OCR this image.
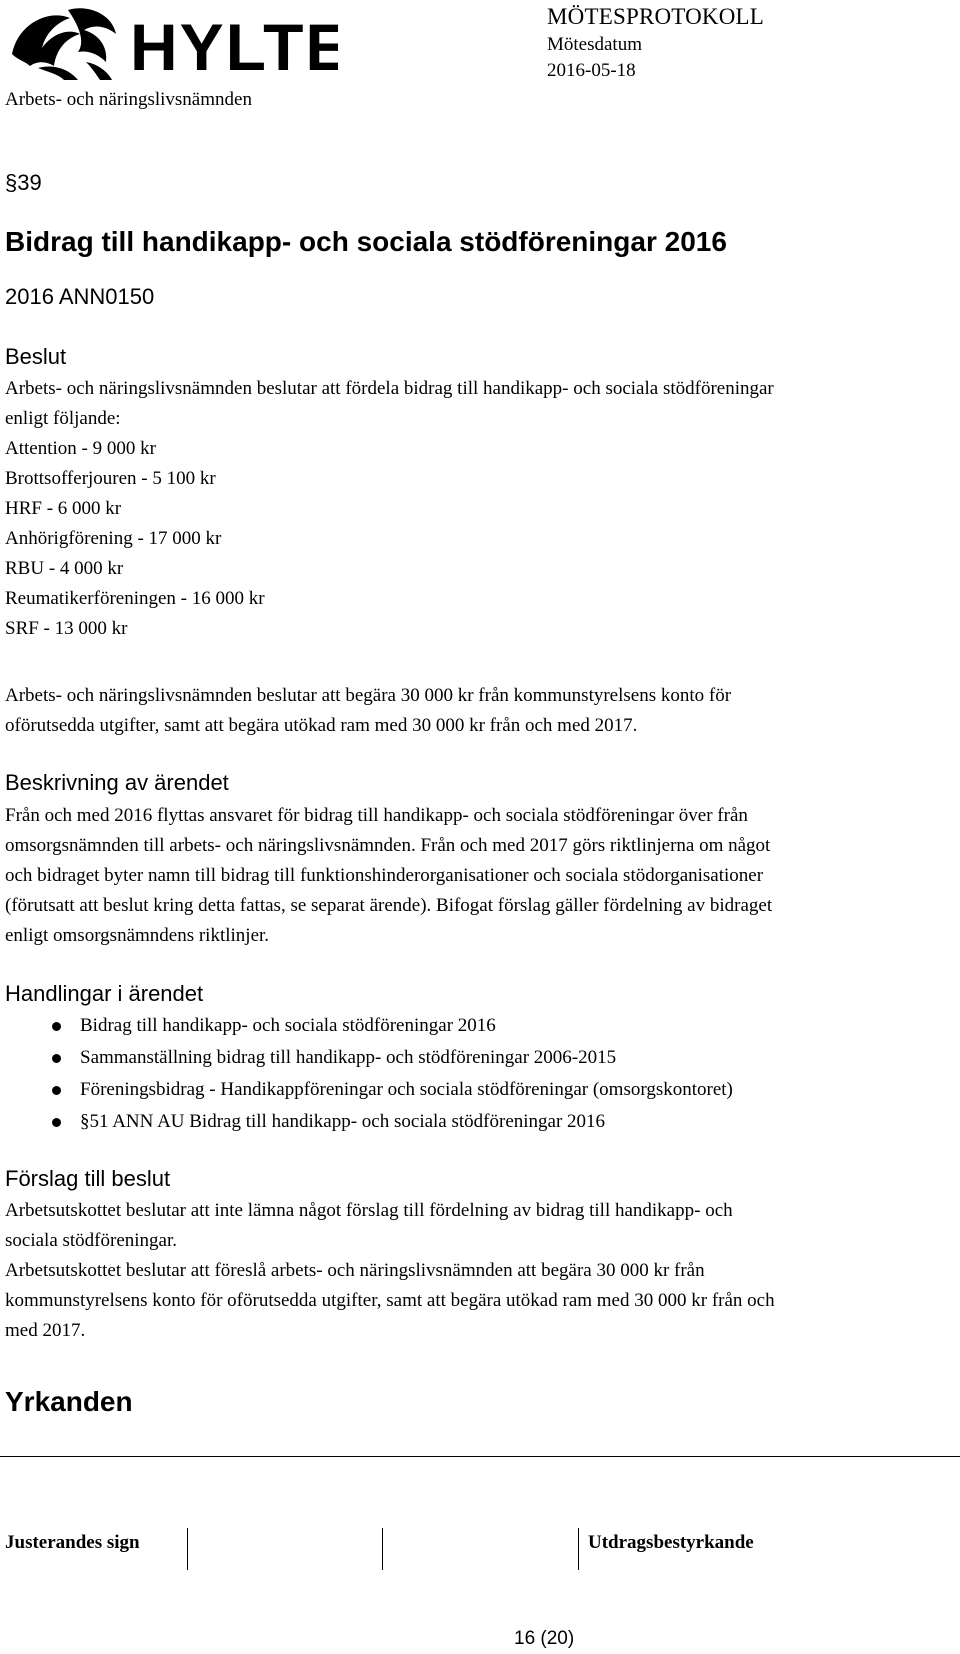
HYLTE
Arbets- och näringslivsnämnden
MÖTESPROTOKOLL
Mötesdatum
2016-05-18
§39
Bidrag till handikapp- och sociala stödföreningar 2016
2016 ANN0150
Beslut

Arbets- och näringslivsnämnden beslutar att fördela bidrag till handikapp- och sociala stödföreningar

enligt följande:

Attention - 9 000 kr

Brottsofferjouren - 5 100 kr

HRF - 6 000 kr

Anhörigförening - 17 000 kr

RBU - 4 000 kr

Reumatikerföreningen - 16 000 kr

SRF - 13 000 kr

Arbets- och näringslivsnämnden beslutar att begära 30 000 kr från kommunstyrelsens konto för

oförutsedda utgifter, samt att begära utökad ram med 30 000 kr från och med 2017.

Beskrivning av ärendet

Från och med 2016 flyttas ansvaret för bidrag till handikapp- och sociala stödföreningar över från

omsorgsnämnden till arbets- och näringslivsnämnden. Från och med 2017 görs riktlinjerna om något

och bidraget byter namn till bidrag till funktionshinderorganisationer och sociala stödorganisationer

(förutsatt att beslut kring detta fattas, se separat ärende). Bifogat förslag gäller fördelning av bidraget

enligt omsorgsnämndens riktlinjer.

Handlingar i ärendet
Bidrag till handikapp- och sociala stödföreningar 2016
Sammanställning bidrag till handikapp- och stödföreningar 2006-2015
Föreningsbidrag - Handikappföreningar och sociala stödföreningar (omsorgskontoret)
§51 ANN AU Bidrag till handikapp- och sociala stödföreningar 2016
Förslag till beslut

Arbetsutskottet beslutar att inte lämna något förslag till fördelning av bidrag till handikapp- och

sociala stödföreningar.

Arbetsutskottet beslutar att föreslå arbets- och näringslivsnämnden att begära 30 000 kr från

kommunstyrelsens konto för oförutsedda utgifter, samt att begära utökad ram med 30 000 kr från och

med 2017.

Yrkanden
Justerandes sign	Utdragsbestyrkande
16 (20)
